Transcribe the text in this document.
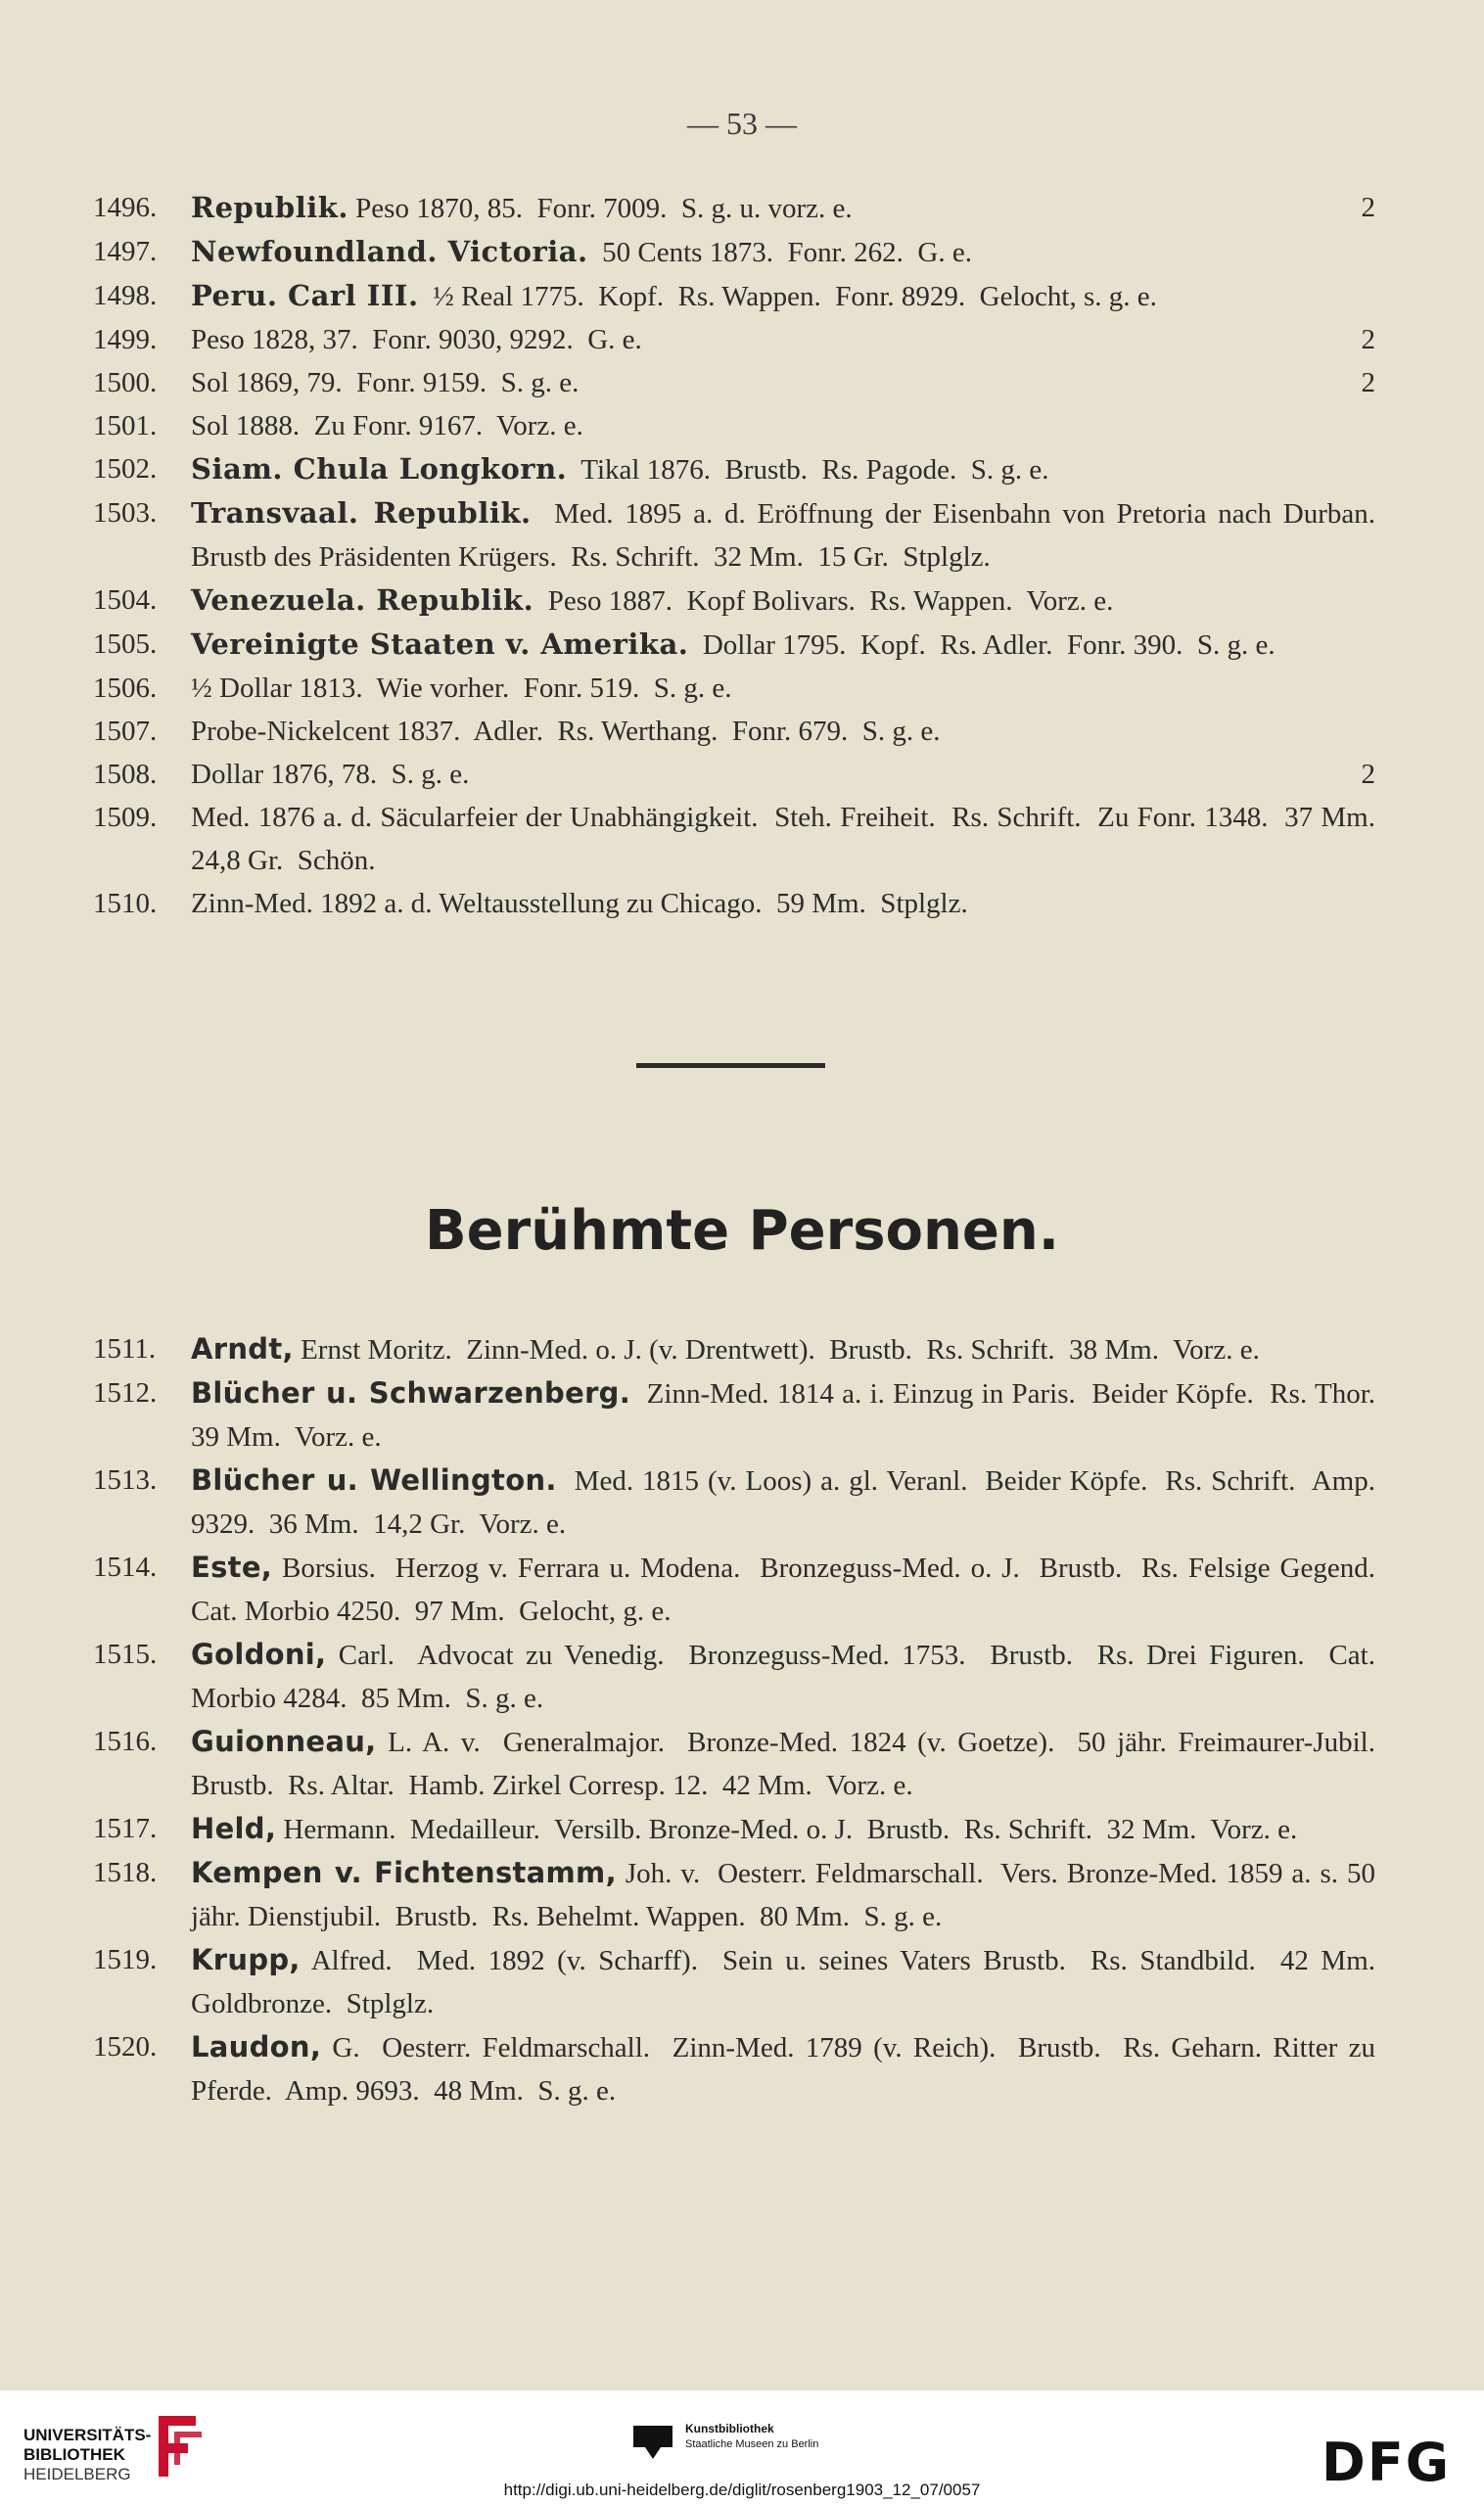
— 53 —
1496.	Republik. Peso 1870, 85.  Fonr. 7009.  S. g. u. vorz. e.	2
1497.	Newfoundland. Victoria.  50 Cents 1873.  Fonr. 262.  G. e.
1498.	Peru. Carl III.  ½ Real 1775.  Kopf.  Rs. Wappen.  Fonr. 8929.  Gelocht, s. g. e.
1499.	Peso 1828, 37.  Fonr. 9030, 9292.  G. e.	2
1500.	Sol 1869, 79.  Fonr. 9159.  S. g. e.	2
1501.	Sol 1888.  Zu Fonr. 9167.  Vorz. e.
1502.	Siam. Chula Longkorn.  Tikal 1876.  Brustb.  Rs. Pagode.  S. g. e.
1503.	Transvaal. Republik.  Med. 1895 a. d. Eröffnung der Eisenbahn von Pretoria nach Durban.  Brustb des Präsidenten Krügers.  Rs. Schrift.  32 Mm.  15 Gr.  Stplglz.
1504.	Venezuela. Republik.  Peso 1887.  Kopf Bolivars.  Rs. Wappen.  Vorz. e.
1505.	Vereinigte Staaten v. Amerika.  Dollar 1795.  Kopf.  Rs. Adler.  Fonr. 390.  S. g. e.
1506.	½ Dollar 1813.  Wie vorher.  Fonr. 519.  S. g. e.
1507.	Probe-Nickelcent 1837.  Adler.  Rs. Werthang.  Fonr. 679.  S. g. e.
1508.	Dollar 1876, 78.  S. g. e.	2
1509.	Med. 1876 a. d. Säcularfeier der Unabhängigkeit.  Steh. Freiheit.  Rs. Schrift.  Zu Fonr. 1348.  37 Mm.  24,8 Gr.  Schön.
1510.	Zinn-Med. 1892 a. d. Weltausstellung zu Chicago.  59 Mm.  Stplglz.
Berühmte Personen.
1511.	Arndt, Ernst Moritz.  Zinn-Med. o. J. (v. Drentwett).  Brustb.  Rs. Schrift.  38 Mm.  Vorz. e.
1512.	Blücher u. Schwarzenberg.  Zinn-Med. 1814 a. i. Einzug in Paris.  Beider Köpfe.  Rs. Thor.  39 Mm.  Vorz. e.
1513.	Blücher u. Wellington.  Med. 1815 (v. Loos) a. gl. Veranl.  Beider Köpfe.  Rs. Schrift.  Amp. 9329.  36 Mm.  14,2 Gr.  Vorz. e.
1514.	Este, Borsius.  Herzog v. Ferrara u. Modena.  Bronzeguss-Med. o. J.  Brustb.  Rs. Felsige Gegend.  Cat. Morbio 4250.  97 Mm.  Gelocht, g. e.
1515.	Goldoni, Carl.  Advocat zu Venedig.  Bronzeguss-Med. 1753.  Brustb.  Rs. Drei Figuren.  Cat. Morbio 4284.  85 Mm.  S. g. e.
1516.	Guionneau, L. A. v.  Generalmajor.  Bronze-Med. 1824 (v. Goetze).  50 jähr. Freimaurer-Jubil.  Brustb.  Rs. Altar.  Hamb. Zirkel Corresp. 12.  42 Mm.  Vorz. e.
1517.	Held, Hermann.  Medailleur.  Versilb. Bronze-Med. o. J.  Brustb.  Rs. Schrift.  32 Mm.  Vorz. e.
1518.	Kempen v. Fichtenstamm, Joh. v.  Oesterr. Feldmarschall.  Vers. Bronze-Med. 1859 a. s. 50 jähr. Dienstjubil.  Brustb.  Rs. Behelmt. Wappen.  80 Mm.  S. g. e.
1519.	Krupp, Alfred.  Med. 1892 (v. Scharff).  Sein u. seines Vaters Brustb.  Rs. Standbild.  42 Mm.  Goldbronze.  Stplglz.
1520.	Laudon, G.  Oesterr. Feldmarschall.  Zinn-Med. 1789 (v. Reich).  Brustb.  Rs. Geharn. Ritter zu Pferde.  Amp. 9693.  48 Mm.  S. g. e.
UNIVERSITÄTS-
BIBLIOTHEK
HEIDELBERG
Kunstbibliothek
Staatliche Museen zu Berlin	DFG
http://digi.ub.uni-heidelberg.de/diglit/rosenberg1903_12_07/0057
